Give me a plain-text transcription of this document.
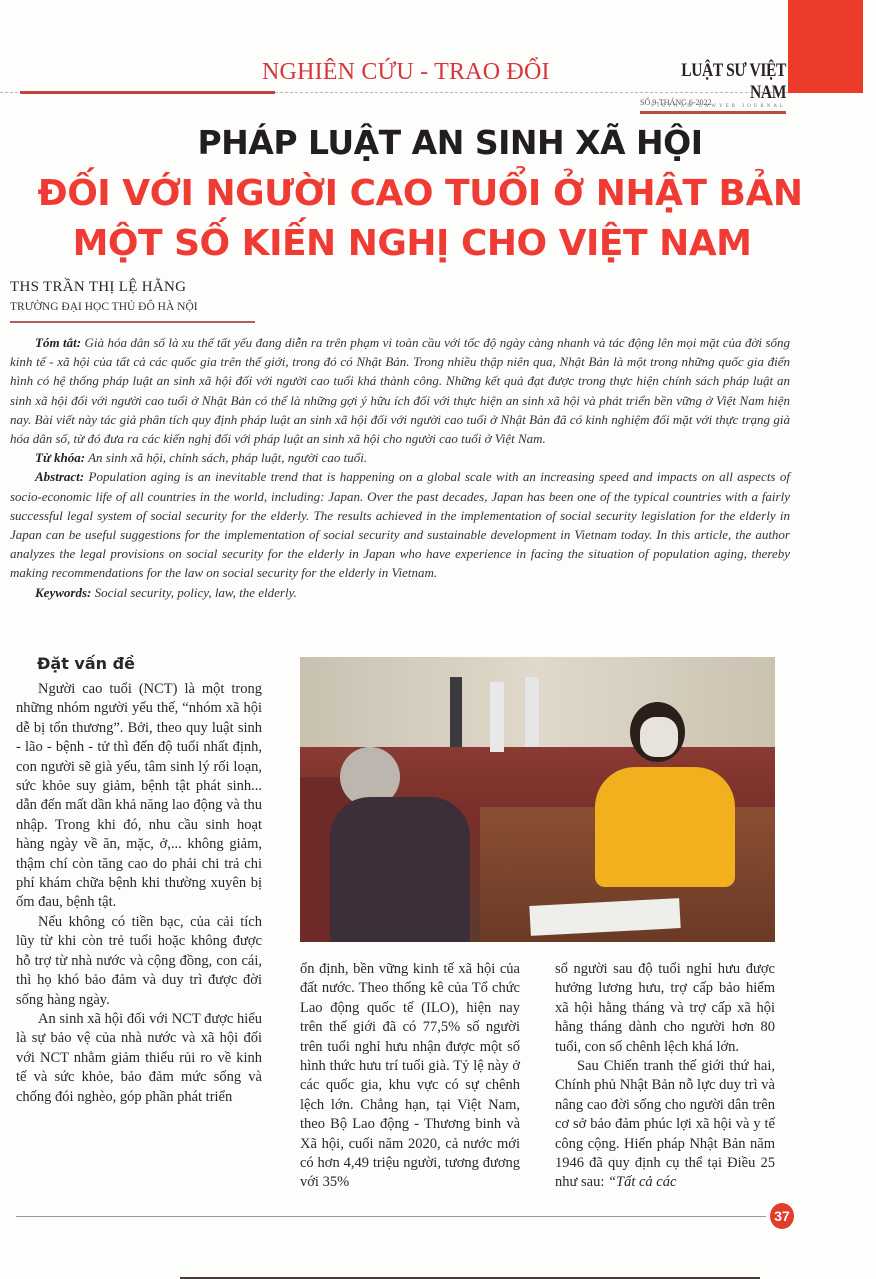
NGHIÊN CỨU - TRAO ĐỔI	LUẬT SƯ VIỆT NAM
VIETNAM LAWYER JOURNAL
SỐ 9-THÁNG 6-2022
PHÁP LUẬT AN SINH XÃ HỘI
ĐỐI VỚI NGƯỜI CAO TUỔI Ở NHẬT BẢN
MỘT SỐ KIẾN NGHỊ CHO VIỆT NAM
THS TRẦN THỊ LỆ HẰNG
TRƯỜNG ĐẠI HỌC THỦ ĐÔ HÀ NỘI

Tóm tắt: Già hóa dân số là xu thế tất yếu đang diễn ra trên phạm vi toàn cầu với tốc độ ngày càng nhanh và tác động lên mọi mặt của đời sống kinh tế - xã hội của tất cả các quốc gia trên thế giới, trong đó có Nhật Bản. Trong nhiều thập niên qua, Nhật Bản là một trong những quốc gia điển hình có hệ thống pháp luật an sinh xã hội đối với người cao tuổi khá thành công. Những kết quả đạt được trong thực hiện chính sách pháp luật an sinh xã hội đối với người cao tuổi ở Nhật Bản có thể là những gợi ý hữu ích đối với thực hiện an sinh xã hội và phát triển bền vững ở Việt Nam hiện nay. Bài viết này tác giả phân tích quy định pháp luật an sinh xã hội đối với người cao tuổi ở Nhật Bản đã có kinh nghiệm đối mặt với thực trạng già hóa dân số, từ đó đưa ra các kiến nghị đối với pháp luật an sinh xã hội cho người cao tuổi ở Việt Nam.

Từ khóa: An sinh xã hội, chính sách, pháp luật, người cao tuổi.

Abstract: Population aging is an inevitable trend that is happening on a global scale with an increasing speed and impacts on all aspects of socio-economic life of all countries in the world, including: Japan. Over the past decades, Japan has been one of the typical countries with a fairly successful legal system of social security for the elderly. The results achieved in the implementation of social security legislation for the elderly in Japan can be useful suggestions for the implementation of social security and sustainable development in Vietnam today. In this article, the author analyzes the legal provisions on social security for the elderly in Japan who have experience in facing the situation of population aging, thereby making recommendations for the law on social security for the elderly in Vietnam.

Keywords: Social security, policy, law, the elderly.

Đặt vấn đề

Người cao tuổi (NCT) là một trong những nhóm người yếu thế, “nhóm xã hội dễ bị tổn thương”. Bởi, theo quy luật sinh - lão - bệnh - tử thì đến độ tuổi nhất định, con người sẽ già yếu, tâm sinh lý rối loạn, sức khỏe suy giảm, bệnh tật phát sinh... dẫn đến mất dần khả năng lao động và thu nhập. Trong khi đó, nhu cầu sinh hoạt hàng ngày về ăn, mặc, ở,... không giảm, thậm chí còn tăng cao do phải chi trả chi phí khám chữa bệnh khi thường xuyên bị ốm đau, bệnh tật.

Nếu không có tiền bạc, của cải tích lũy từ khi còn trẻ tuổi hoặc không được hỗ trợ từ nhà nước và cộng đồng, con cái, thì họ khó bảo đảm và duy trì được đời sống hàng ngày.

An sinh xã hội đối với NCT được hiểu là sự bảo vệ của nhà nước và xã hội đối với NCT nhằm giảm thiểu rủi ro về kinh tế và sức khỏe, bảo đảm mức sống và chống đói nghèo, góp phần phát triển

ổn định, bền vững kinh tế xã hội của đất nước. Theo thống kê của Tổ chức Lao động quốc tế (ILO), hiện nay trên thế giới đã có 77,5% số người trên tuổi nghỉ hưu nhận được một số hình thức hưu trí tuổi già. Tỷ lệ này ở các quốc gia, khu vực có sự chênh lệch lớn. Chẳng hạn, tại Việt Nam, theo Bộ Lao động - Thương binh và Xã hội, cuối năm 2020, cả nước mới có hơn 4,49 triệu người, tương đương với 35%

số người sau độ tuổi nghỉ hưu được hưởng lương hưu, trợ cấp bảo hiểm xã hội hằng tháng và trợ cấp xã hội hằng tháng dành cho người hơn 80 tuổi, con số chênh lệch khá lớn.

Sau Chiến tranh thế giới thứ hai, Chính phủ Nhật Bản nỗ lực duy trì và nâng cao đời sống cho người dân trên cơ sở bảo đảm phúc lợi xã hội và y tế công cộng. Hiến pháp Nhật Bản năm 1946 đã quy định cụ thể tại Điều 25 như sau: “Tất cả các

37
